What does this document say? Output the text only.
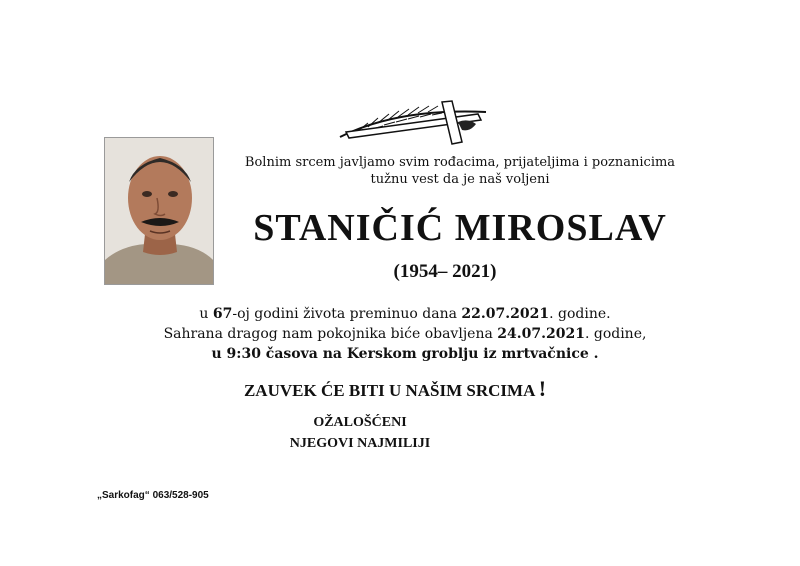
Bolnim srcem javljamo svim rođacima, prijateljima i poznanicima
tužnu vest da je naš voljeni
STANIČIĆ MIROSLAV
(1954– 2021)
u 67-oj godini života preminuo dana 22.07.2021. godine.
Sahrana dragog nam pokojnika biće obavljena 24.07.2021. godine,
u 9:30 časova na Kerskom groblju iz mrtvačnice .
ZAUVEK ĆE BITI U NAŠIM SRCIMA !
OŽALOŠĆENI
NJEGOVI NAJMILIJI
„Sarkofag“ 063/528-905
